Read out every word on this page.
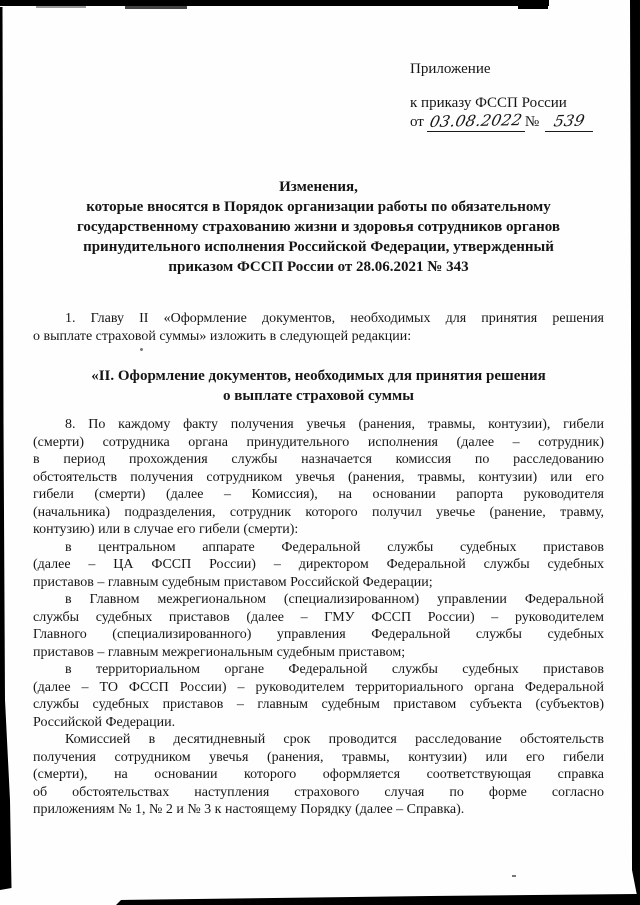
Приложение
к приказу ФССП России
от 03.08.2022№ 539
Изменения,
которые вносятся в Порядок организации работы по обязательному
государственному страхованию жизни и здоровья сотрудников органов
принудительного исполнения Российской Федерации, утвержденный
приказом ФССП России от 28.06.2021 № 343
1. Главу II «Оформление документов, необходимых для принятия решения
о выплате страховой суммы» изложить в следующей редакции:
«II. Оформление документов, необходимых для принятия решения
о выплате страховой суммы
8. По каждому факту получения увечья (ранения, травмы, контузии), гибели
(смерти) сотрудника органа принудительного исполнения (далее – сотрудник)
в период прохождения службы назначается комиссия по расследованию
обстоятельств получения сотрудником увечья (ранения, травмы, контузии) или его
гибели (смерти) (далее – Комиссия), на основании рапорта руководителя
(начальника) подразделения, сотрудник которого получил увечье (ранение, травму,
контузию) или в случае его гибели (смерти):
в центральном аппарате Федеральной службы судебных приставов
(далее – ЦА ФССП России) – директором Федеральной службы судебных
приставов – главным судебным приставом Российской Федерации;
в Главном межрегиональном (специализированном) управлении Федеральной
службы судебных приставов (далее – ГМУ ФССП России) – руководителем
Главного (специализированного) управления Федеральной службы судебных
приставов – главным межрегиональным судебным приставом;
в территориальном органе Федеральной службы судебных приставов
(далее – ТО ФССП России) – руководителем территориального органа Федеральной
службы судебных приставов – главным судебным приставом субъекта (субъектов)
Российской Федерации.
Комиссией в десятидневный срок проводится расследование обстоятельств
получения сотрудником увечья (ранения, травмы, контузии) или его гибели
(смерти), на основании которого оформляется соответствующая справка
об обстоятельствах наступления страхового случая по форме согласно
приложениям № 1, № 2 и № 3 к настоящему Порядку (далее – Справка).
